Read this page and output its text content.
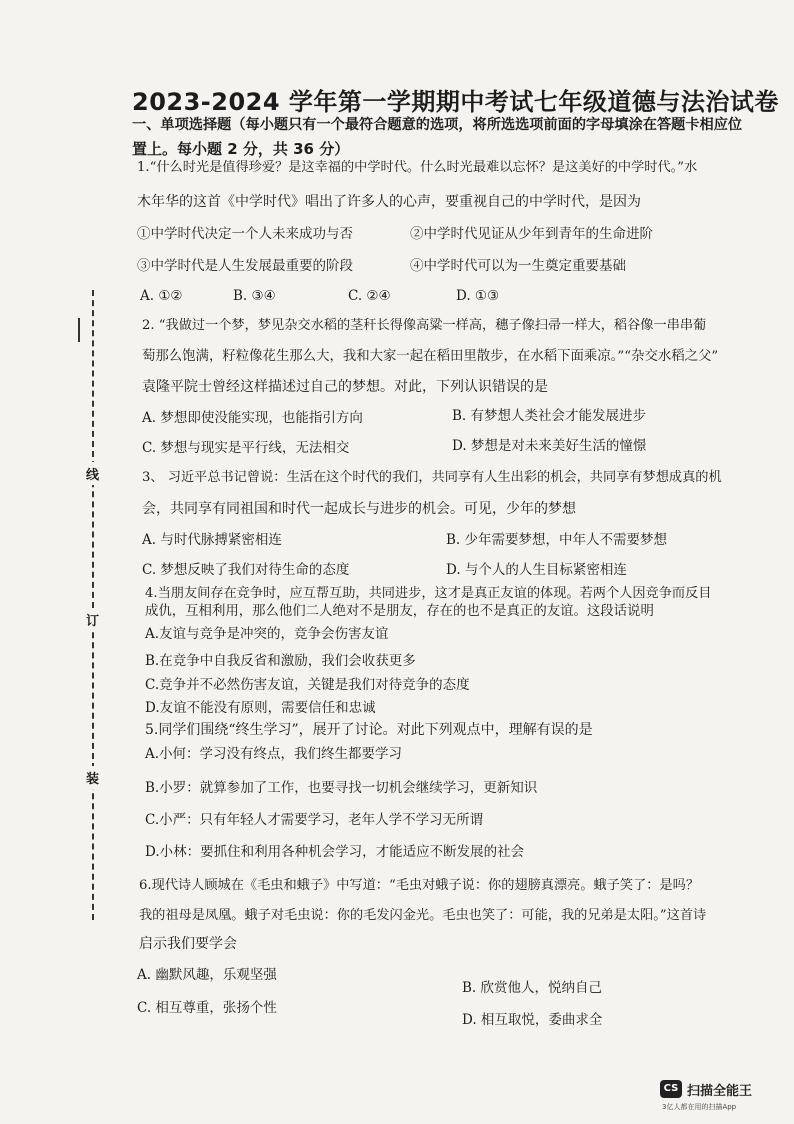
2023-2024 学年第一学期期中考试七年级道德与法治试卷
一、单项选择题（每小题只有一个最符合题意的选项，将所选选项前面的字母填涂在答题卡相应位
置上。每小题 2 分，共 36 分）
线
订
装
1.“什么时光是值得珍爱？是这幸福的中学时代。什么时光最难以忘怀？是这美好的中学时代。”水
木年华的这首《中学时代》唱出了许多人的心声，要重视自己的中学时代，是因为
①中学时代决定一个人未来成功与否	②中学时代见证从少年到青年的生命进阶
③中学时代是人生发展最重要的阶段	④中学时代可以为一生奠定重要基础
A. ①②	B. ③④	C. ②④	D. ①③
2. “我做过一个梦，梦见杂交水稻的茎秆长得像高粱一样高，穗子像扫帚一样大，稻谷像一串串葡
萄那么饱满，籽粒像花生那么大，我和大家一起在稻田里散步，在水稻下面乘凉。”“杂交水稻之父”
袁隆平院士曾经这样描述过自己的梦想。对此，下列认识错误的是
A. 梦想即使没能实现，也能指引方向	B. 有梦想人类社会才能发展进步
C. 梦想与现实是平行线，无法相交	D. 梦想是对未来美好生活的憧憬
3、 习近平总书记曾说：生活在这个时代的我们，共同享有人生出彩的机会，共同享有梦想成真的机
会，共同享有同祖国和时代一起成长与进步的机会。可见，少年的梦想
A. 与时代脉搏紧密相连	B. 少年需要梦想，中年人不需要梦想
C. 梦想反映了我们对待生命的态度	D. 与个人的人生目标紧密相连
4.当朋友间存在竞争时，应互帮互助，共同进步，这才是真正友谊的体现。若两个人因竞争而反目
成仇，互相利用，那么他们二人绝对不是朋友，存在的也不是真正的友谊。这段话说明
A.友谊与竞争是冲突的，竞争会伤害友谊
B.在竞争中自我反省和激励，我们会收获更多
C.竞争并不必然伤害友谊，关键是我们对待竞争的态度
D.友谊不能没有原则，需要信任和忠诚
5.同学们围绕“终生学习”，展开了讨论。对此下列观点中，理解有误的是
A.小何：学习没有终点，我们终生都要学习
B.小罗：就算参加了工作，也要寻找一切机会继续学习，更新知识
C.小严：只有年轻人才需要学习，老年人学不学习无所谓
D.小林：要抓住和利用各种机会学习，才能适应不断发展的社会
6.现代诗人顾城在《毛虫和蛾子》中写道：“毛虫对蛾子说：你的翅膀真漂亮。蛾子笑了：是吗？
我的祖母是凤凰。蛾子对毛虫说：你的毛发闪金光。毛虫也笑了：可能，我的兄弟是太阳。”这首诗
启示我们要学会
A. 幽默风趣，乐观坚强
B. 欣赏他人，悦纳自己
C. 相互尊重，张扬个性
D. 相互取悦，委曲求全
CS 扫描全能王
3亿人都在用的扫描App
